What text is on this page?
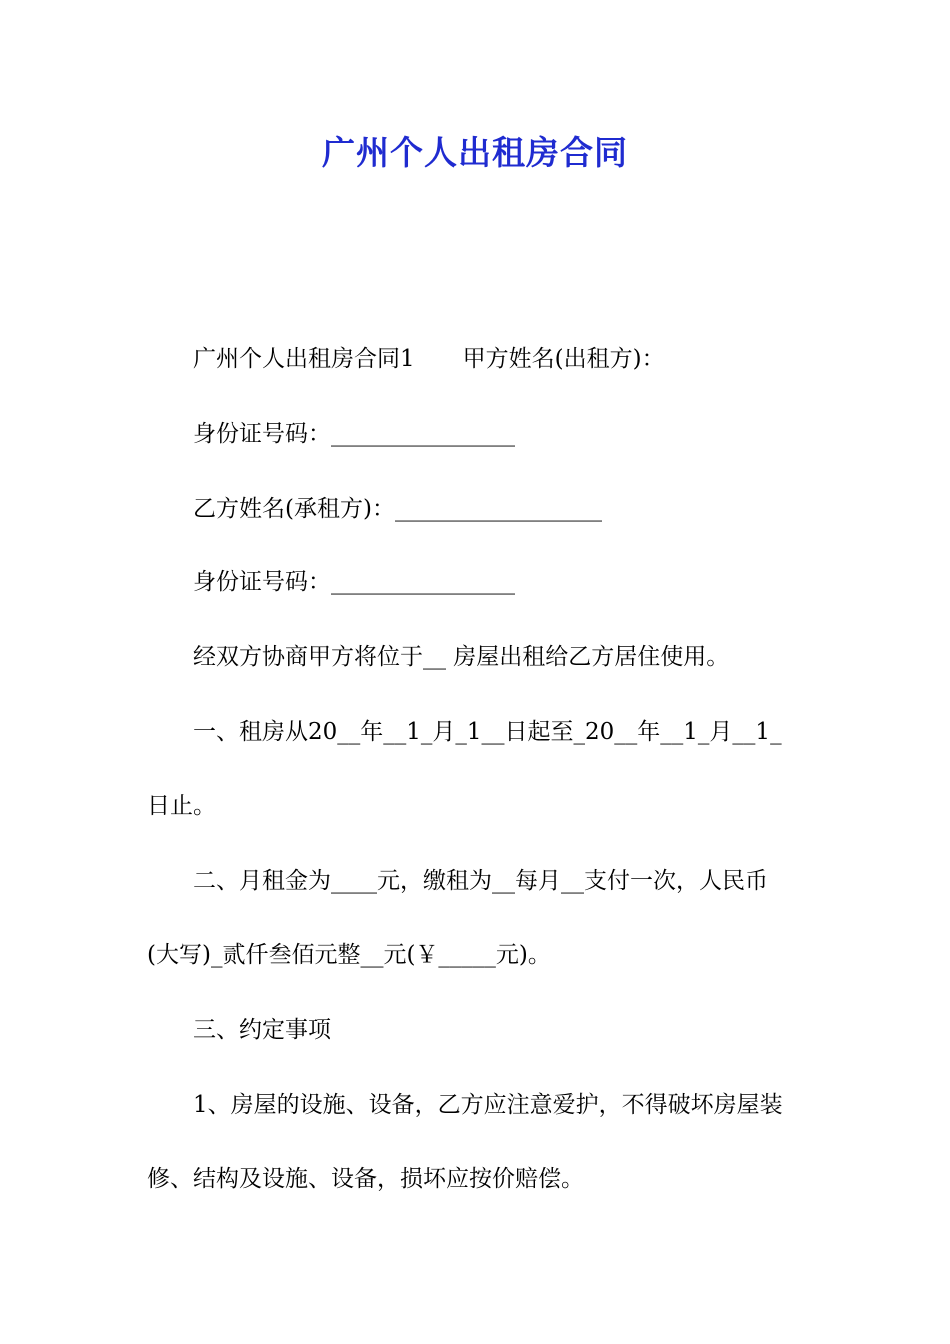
广州个人出租房合同
广州个人出租房合同1 甲方姓名(出租方)：
身份证号码：________________
乙方姓名(承租方)：__________________
身份证号码：________________
经双方协商甲方将位于__ 房屋出租给乙方居住使用。
一、租房从20__年__1_月_1__日起至_20__年__1_月__1_
日止。
二、月租金为____元，缴租为__每月__支付一次，人民币
(大写)_贰仟叁佰元整__元(￥_____元)。
三、约定事项
1、房屋的设施、设备，乙方应注意爱护，不得破坏房屋装
修、结构及设施、设备，损坏应按价赔偿。
